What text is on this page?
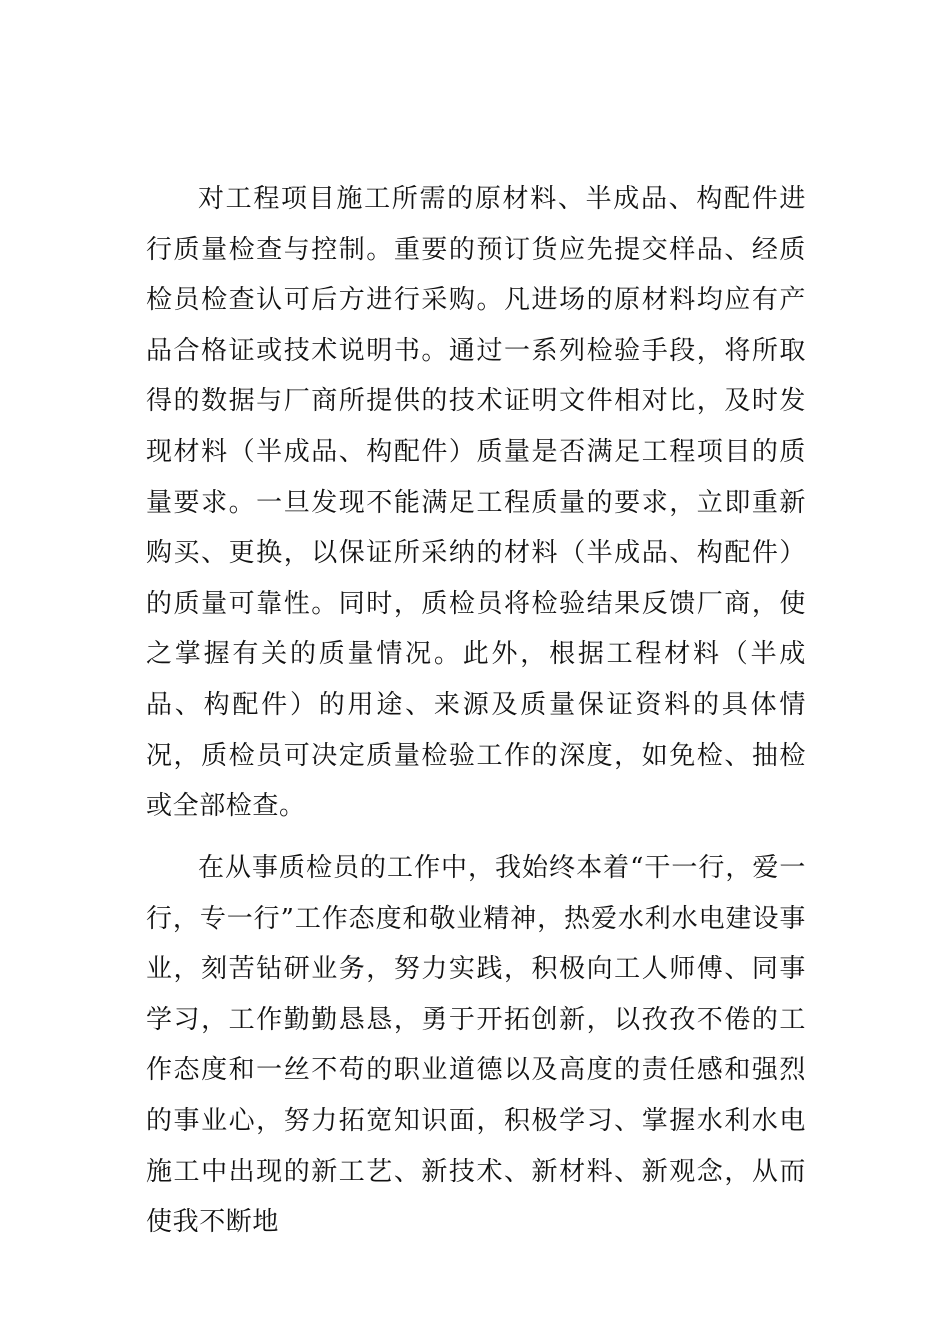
对工程项目施工所需的原材料、半成品、构配件进行质量检查与控制。重要的预订货应先提交样品、经质检员检查认可后方进行采购。凡进场的原材料均应有产品合格证或技术说明书。通过一系列检验手段，将所取得的数据与厂商所提供的技术证明文件相对比，及时发现材料（半成品、构配件）质量是否满足工程项目的质量要求。一旦发现不能满足工程质量的要求，立即重新购买、更换，以保证所采纳的材料（半成品、构配件）的质量可靠性。同时，质检员将检验结果反馈厂商，使之掌握有关的质量情况。此外，根据工程材料（半成品、构配件）的用途、来源及质量保证资料的具体情况，质检员可决定质量检验工作的深度，如免检、抽检或全部检查。

在从事质检员的工作中，我始终本着“干一行，爱一行，专一行”工作态度和敬业精神，热爱水利水电建设事业，刻苦钻研业务，努力实践，积极向工人师傅、同事学习，工作勤勤恳恳，勇于开拓创新，以孜孜不倦的工作态度和一丝不苟的职业道德以及高度的责任感和强烈的事业心，努力拓宽知识面，积极学习、掌握水利水电施工中出现的新工艺、新技术、新材料、新观念，从而使我不断地
